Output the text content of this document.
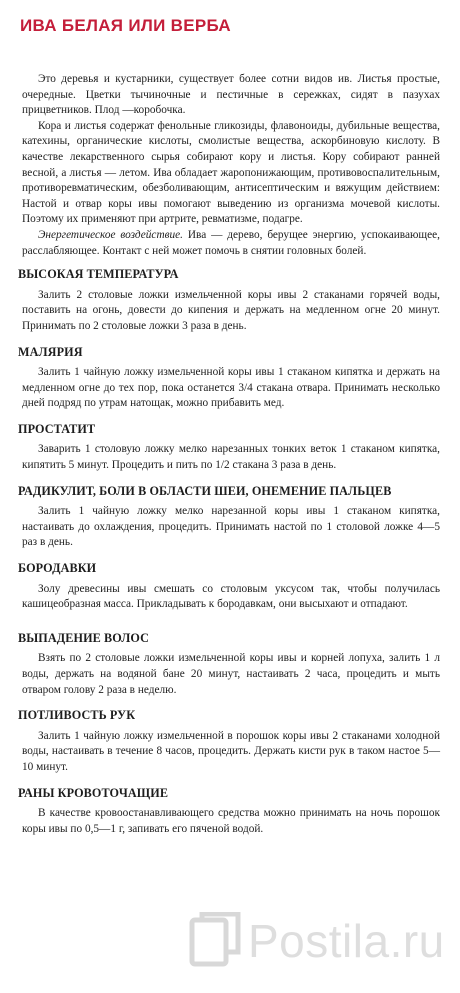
ИВА БЕЛАЯ ИЛИ ВЕРБА

Это деревья и кустарники, существует более сотни видов ив. Листья простые, очередные. Цветки тычиночные и пестичные в сережках, сидят в пазухах прицветников. Плод —коробочка.

Кора и листья содержат фенольные гликозиды, флавоноиды, дубильные вещества, катехины, органические кислоты, смолистые вещества, аскорбиновую кислоту. В качестве лекарственного сырья собирают кору и листья. Кору собирают ранней весной, а листья — летом. Ива обладает жаропонижающим, противовоспалительным, противоревматическим, обезболивающим, антисептическим и вяжущим действием: Настой и отвар коры ивы помогают выведению из организма мочевой кислоты. Поэтому их применяют при артрите, ревматизме, подагре.

Энергетическое воздействие. Ива — дерево, берущее энергию, успокаивающее, расслабляющее. Контакт с ней может помочь в снятии головных болей.

ВЫСОКАЯ ТЕМПЕРАТУРА

Залить 2 столовые ложки измельченной коры ивы 2 стаканами горячей воды, поставить на огонь, довести до кипения и держать на медленном огне 20 минут. Принимать по 2 столовые ложки 3 раза в день.

МАЛЯРИЯ

Залить 1 чайную ложку измельченной коры ивы 1 стаканом кипятка и держать на медленном огне до тех пор, пока останется 3/4 стакана отвара. Принимать несколько дней подряд по утрам натощак, можно прибавить мед.

ПРОСТАТИТ

Заварить 1 столовую ложку мелко нарезанных тонких веток 1 стаканом кипятка, кипятить 5 минут. Процедить и пить по 1/2 стакана 3 раза в день.

РАДИКУЛИТ, БОЛИ В ОБЛАСТИ ШЕИ, ОНЕМЕНИЕ ПАЛЬЦЕВ

Залить 1 чайную ложку мелко нарезанной коры ивы 1 стаканом кипятка, настаивать до охлаждения, процедить. Принимать настой по 1 столовой ложке 4—5 раз в день.

БОРОДАВКИ

Золу древесины ивы смешать со столовым уксусом так, чтобы получилась кашицеобразная масса. Прикладывать к бородавкам, они высыхают и отпадают.

ВЫПАДЕНИЕ ВОЛОС

Взять по 2 столовые ложки измельченной коры ивы и корней лопуха, залить 1 л воды, держать на водяной бане 20 минут, настаивать 2 часа, процедить и мыть отваром голову 2 раза в неделю.

ПОТЛИВОСТЬ РУК

Залить 1 чайную ложку измельченной в порошок коры ивы 2 стаканами холодной воды, настаивать в течение 8 часов, процедить. Держать кисти рук в таком настое 5—10 минут.

РАНЫ КРОВОТОЧАЩИЕ

В качестве кровоостанавливающего средства можно принимать на ночь порошок коры ивы по 0,5—1 г, запивать его пяченой водой.

Postila.ru
